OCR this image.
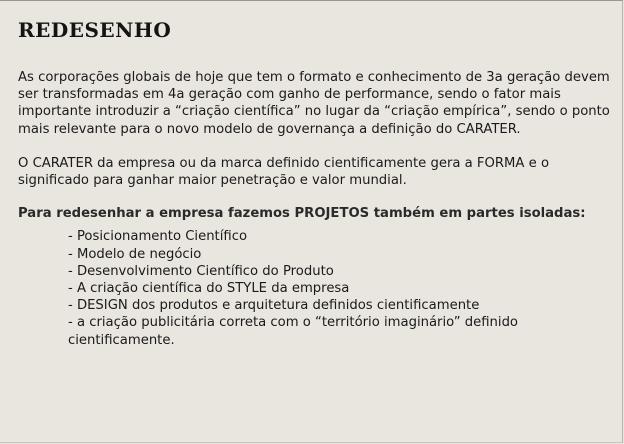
REDESENHO

As corporações globais de hoje que tem o formato e conhecimento de 3a geração devem ser transformadas em 4a geração com ganho de performance, sendo o fator mais importante introduzir a “criação científica” no lugar da “criação empírica”, sendo o ponto mais relevante para o novo modelo de governança a definição do CARATER.

O CARATER da empresa ou da marca definido cientificamente gera a FORMA e o significado para ganhar maior penetração e valor mundial.

Para redesenhar a empresa fazemos PROJETOS também em partes isoladas:

- Posicionamento Científico
- Modelo de negócio
- Desenvolvimento Científico do Produto
- A criação científica do STYLE da empresa
- DESIGN dos produtos e arquitetura definidos cientificamente
- a criação publicitária correta com o “território imaginário” definido cientificamente.
